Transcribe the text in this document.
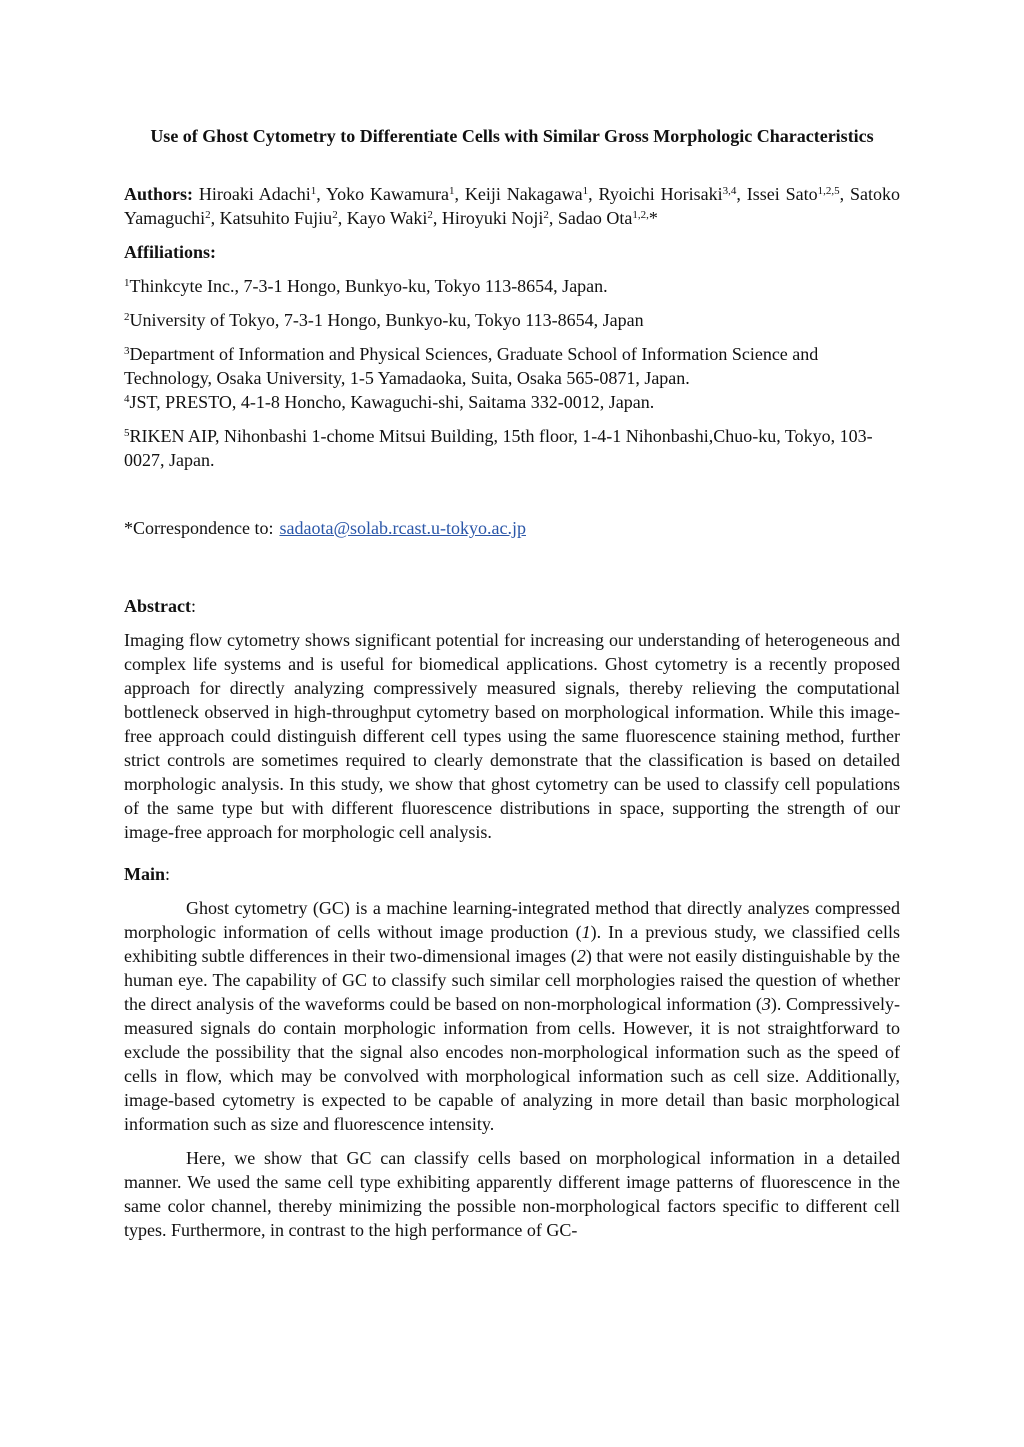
Use of Ghost Cytometry to Differentiate Cells with Similar Gross Morphologic Characteristics

Authors: Hiroaki Adachi$^1$, Yoko Kawamura$^1$, Keiji Nakagawa$^1$, Ryoichi Horisaki$^{3,4}$, Issei Sato$^{1,2,5}$, Satoko Yamaguchi$^2$, Katsuhito Fujiu$^2$, Kayo Waki$^2$, Hiroyuki Noji$^2$, Sadao Ota$^{1,2,}$*

Affiliations:

$^1$Thinkcyte Inc., 7-3-1 Hongo, Bunkyo-ku, Tokyo 113-8654, Japan.

$^2$University of Tokyo, 7-3-1 Hongo, Bunkyo-ku, Tokyo 113-8654, Japan

$^3$Department of Information and Physical Sciences, Graduate School of Information Science and Technology, Osaka University, 1-5 Yamadaoka, Suita, Osaka 565-0871, Japan.

$^4$JST, PRESTO, 4-1-8 Honcho, Kawaguchi-shi, Saitama 332-0012, Japan.

$^5$RIKEN AIP, Nihonbashi 1-chome Mitsui Building, 15th floor, 1-4-1 Nihonbashi,Chuo-ku, Tokyo, 103-0027, Japan.

*Correspondence to: sadaota@solab.rcast.u-tokyo.ac.jp

Abstract:

Imaging flow cytometry shows significant potential for increasing our understanding of heterogeneous and complex life systems and is useful for biomedical applications. Ghost cytometry is a recently proposed approach for directly analyzing compressively measured signals, thereby relieving the computational bottleneck observed in high-throughput cytometry based on morphological information. While this image-free approach could distinguish different cell types using the same fluorescence staining method, further strict controls are sometimes required to clearly demonstrate that the classification is based on detailed morphologic analysis. In this study, we show that ghost cytometry can be used to classify cell populations of the same type but with different fluorescence distributions in space, supporting the strength of our image-free approach for morphologic cell analysis.

Main:

Ghost cytometry (GC) is a machine learning-integrated method that directly analyzes compressed morphologic information of cells without image production (1). In a previous study, we classified cells exhibiting subtle differences in their two-dimensional images (2) that were not easily distinguishable by the human eye. The capability of GC to classify such similar cell morphologies raised the question of whether the direct analysis of the waveforms could be based on non-morphological information (3). Compressively-measured signals do contain morphologic information from cells. However, it is not straightforward to exclude the possibility that the signal also encodes non-morphological information such as the speed of cells in flow, which may be convolved with morphological information such as cell size. Additionally, image-based cytometry is expected to be capable of analyzing in more detail than basic morphological information such as size and fluorescence intensity.

Here, we show that GC can classify cells based on morphological information in a detailed manner. We used the same cell type exhibiting apparently different image patterns of fluorescence in the same color channel, thereby minimizing the possible non-morphological factors specific to different cell types. Furthermore, in contrast to the high performance of GC-
